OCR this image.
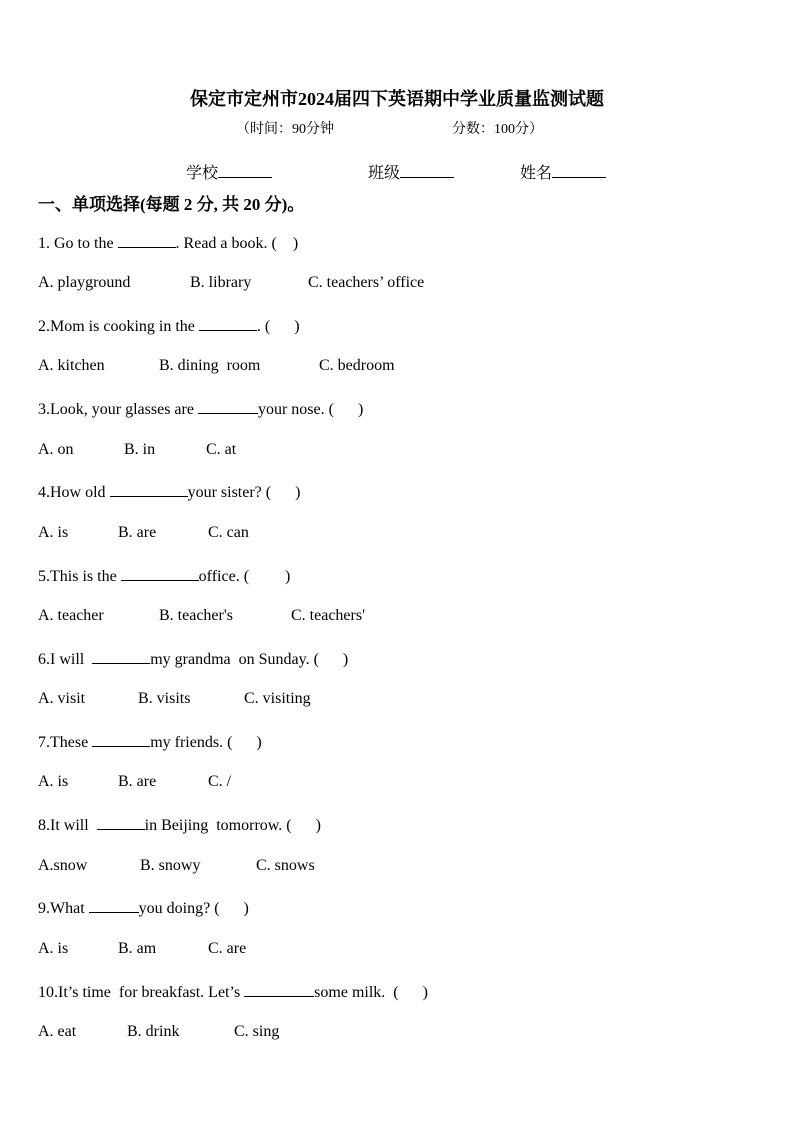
保定市定州市2024届四下英语期中学业质量监测试题
（时间：90分钟	分数：100分）
学校	班级	姓名
一、单项选择(每题 2 分, 共 20 分)。
1. Go to the	. Read a book. (    )
A. playground	B. library	C. teachers’ office
2.Mom is cooking in the	. (      )
A. kitchen	B. dining  room	C. bedroom
3.Look, your glasses are	your nose. (      )
A. on	B. in	C. at
4.How old	your sister? (      )
A. is	B. are	C. can
5.This is the	office. (         )
A. teacher	B. teacher's	C. teachers'
6.I will	my grandma  on Sunday. (      )
A. visit	B. visits	C. visiting
7.These	my friends. (      )
A. is	B. are	C. /
8.It will	in Beijing  tomorrow. (      )
A.snow	B. snowy	C. snows
9.What	you doing? (      )
A. is	B. am	C. are
10.It’s time  for breakfast. Let’s	some milk.  (      )
A. eat	B. drink	C. sing
